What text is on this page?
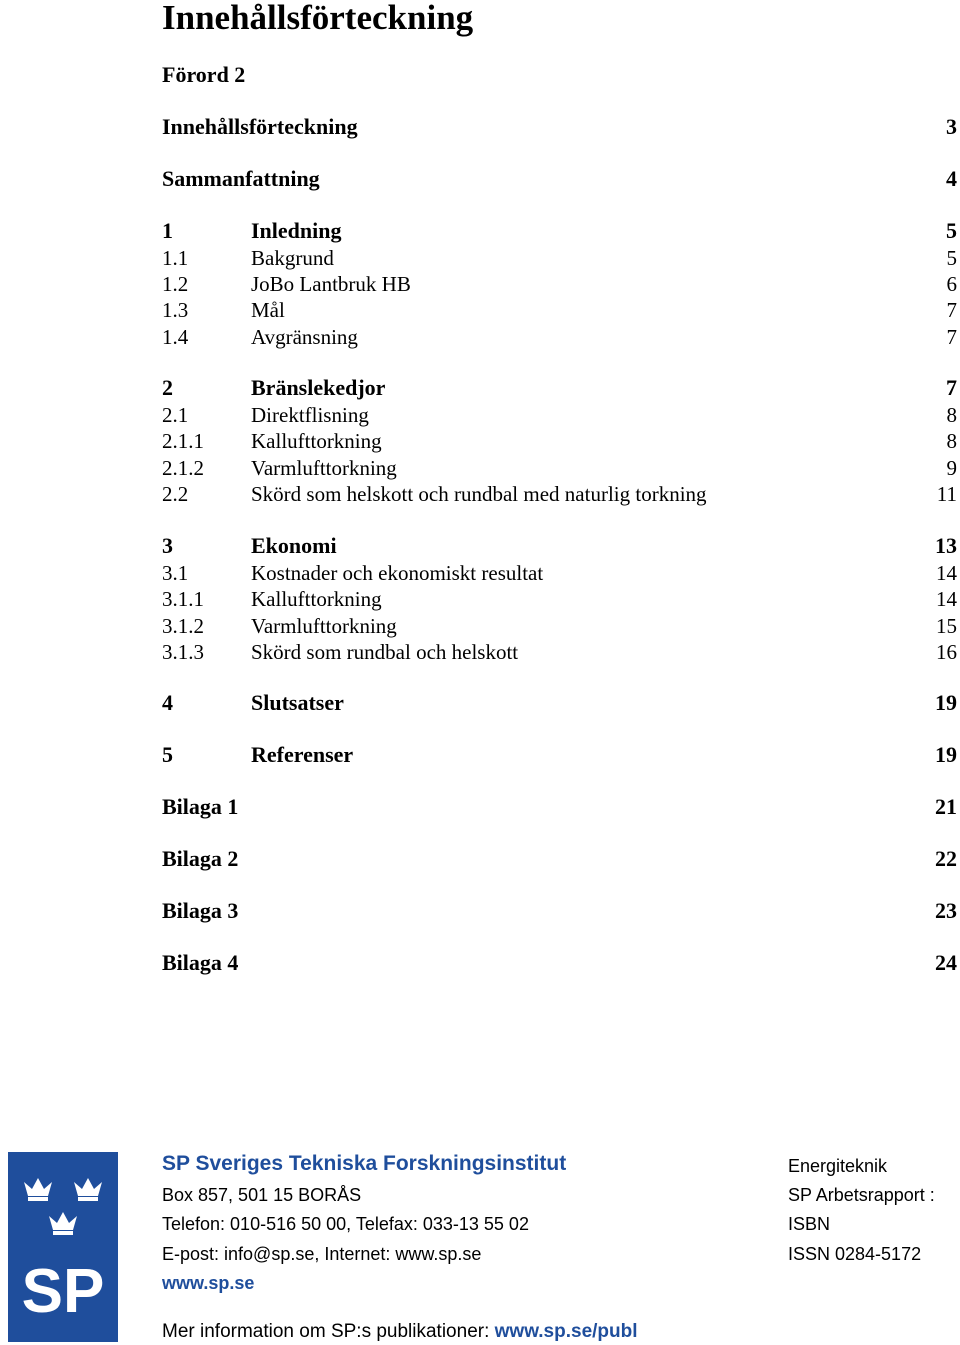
Innehållsförteckning
Förord 2
Innehållsförteckning	3
Sammanfattning	4
1	Inledning	5
1.1	Bakgrund	5
1.2	JoBo Lantbruk HB	6
1.3	Mål	7
1.4	Avgränsning	7
2	Bränslekedjor	7
2.1	Direktflisning	8
2.1.1 Kallufttorkning	8
2.1.2 Varmlufttorkning	9
2.2	Skörd som helskott och rundbal med naturlig torkning	11
3	Ekonomi	13
3.1	Kostnader och ekonomiskt resultat	14
3.1.1 Kallufttorkning	14
3.1.2 Varmlufttorkning	15
3.1.3 Skörd som rundbal och helskott	16
4	Slutsatser	19
5	Referenser	19
Bilaga 1	21
Bilaga 2	22
Bilaga 3	23
Bilaga 4	24
SP
SP Sveriges Tekniska Forskningsinstitut
Box 857, 501 15 BORÅS
Telefon: 010-516 50 00, Telefax: 033-13 55 02
E-post: info@sp.se, Internet: www.sp.se
www.sp.se
Energiteknik
SP Arbetsrapport :
ISBN
ISSN 0284-5172
Mer information om SP:s publikationer: www.sp.se/publ
